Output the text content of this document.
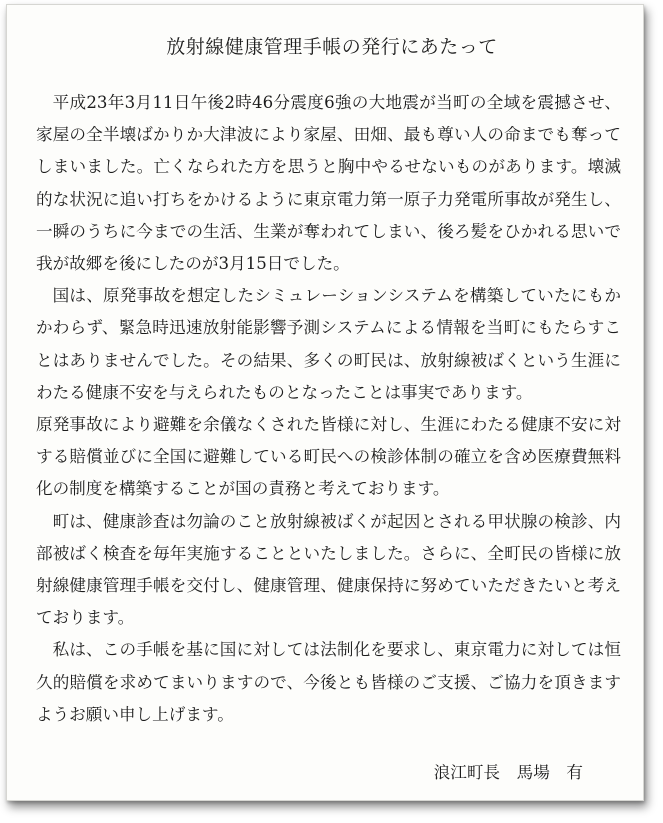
放射線健康管理手帳の発行にあたって

平成23年3月11日午後2時46分震度6強の大地震が当町の全域を震撼させ、家屋の全半壊ばかりか大津波により家屋、田畑、最も尊い人の命までも奪ってしまいました。亡くなられた方を思うと胸中やるせないものがあります。壊滅的な状況に追い打ちをかけるように東京電力第一原子力発電所事故が発生し、一瞬のうちに今までの生活、生業が奪われてしまい、後ろ髪をひかれる思いで我が故郷を後にしたのが3月15日でした。

国は、原発事故を想定したシミュレーションシステムを構築していたにもかかわらず、緊急時迅速放射能影響予測システムによる情報を当町にもたらすことはありませんでした。その結果、多くの町民は、放射線被ばくという生涯にわたる健康不安を与えられたものとなったことは事実であります。

原発事故により避難を余儀なくされた皆様に対し、生涯にわたる健康不安に対する賠償並びに全国に避難している町民への検診体制の確立を含め医療費無料化の制度を構築することが国の責務と考えております。

町は、健康診査は勿論のこと放射線被ばくが起因とされる甲状腺の検診、内部被ばく検査を毎年実施することといたしました。さらに、全町民の皆様に放射線健康管理手帳を交付し、健康管理、健康保持に努めていただきたいと考えております。

私は、この手帳を基に国に対しては法制化を要求し、東京電力に対しては恒久的賠償を求めてまいりますので、今後とも皆様のご支援、ご協力を頂きますようお願い申し上げます。

浪江町長　馬場　有
